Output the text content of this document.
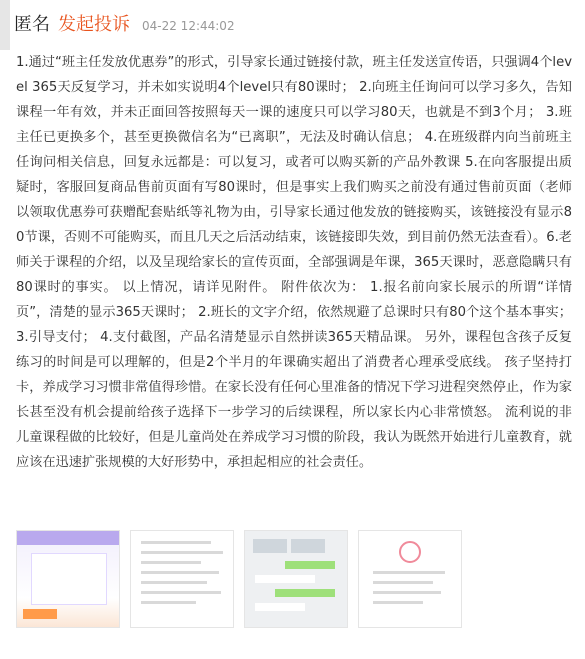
匿名 发起投诉 04-22 12:44:02
1.通过“班主任发放优惠券”的形式，引导家长通过链接付款，班主任发送宣传语，只强调4个level 365天反复学习，并未如实说明4个level只有80课时； 2.向班主任询问可以学习多久，告知课程一年有效，并未正面回答按照每天一课的速度只可以学习80天，也就是不到3个月； 3.班主任已更换多个，甚至更换微信名为“已离职”，无法及时确认信息； 4.在班级群内向当前班主任询问相关信息，回复永远都是：可以复习，或者可以购买新的产品外教课 5.在向客服提出质疑时，客服回复商品售前页面有写80课时，但是事实上我们购买之前没有通过售前页面（老师以领取优惠券可获赠配套贴纸等礼物为由，引导家长通过他发放的链接购买，该链接没有显示80节课，否则不可能购买，而且几天之后活动结束，该链接即失效，到目前仍然无法查看）。6.老师关于课程的介绍，以及呈现给家长的宣传页面，全部强调是年课，365天课时，恶意隐瞒只有80课时的事实。 以上情况，请详见附件。 附件依次为： 1.报名前向家长展示的所谓“详情页”，清楚的显示365天课时； 2.班长的文字介绍，依然规避了总课时只有80个这个基本事实； 3.引导支付； 4.支付截图，产品名清楚显示自然拼读365天精品课。 另外，课程包含孩子反复练习的时间是可以理解的，但是2个半月的年课确实超出了消费者心理承受底线。 孩子坚持打卡，养成学习习惯非常值得珍惜。在家长没有任何心里准备的情况下学习进程突然停止，作为家长甚至没有机会提前给孩子选择下一步学习的后续课程，所以家长内心非常愤怒。 流利说的非儿童课程做的比较好，但是儿童尚处在养成学习习惯的阶段，我认为既然开始进行儿童教育，就应该在迅速扩张规模的大好形势中，承担起相应的社会责任。
